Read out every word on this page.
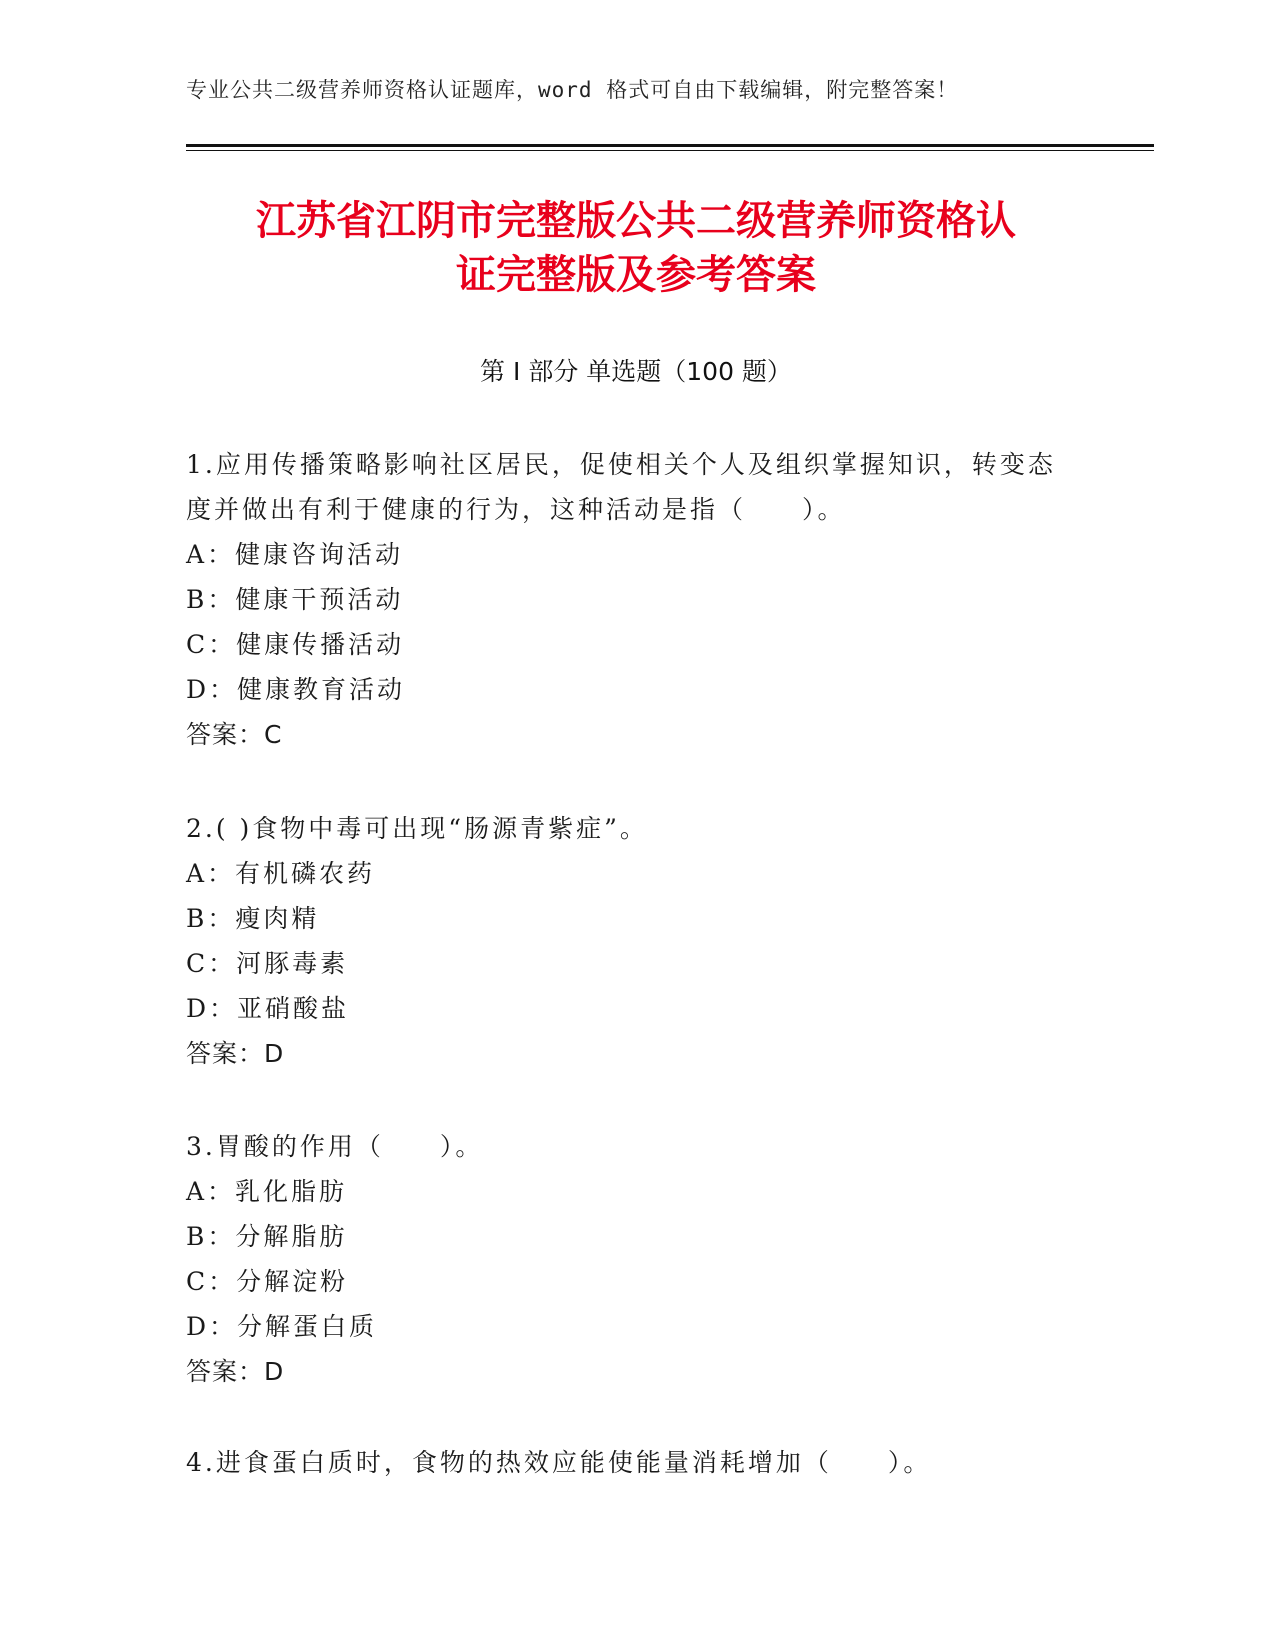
专业公共二级营养师资格认证题库，word 格式可自由下载编辑，附完整答案！
江苏省江阴市完整版公共二级营养师资格认
证完整版及参考答案
第 I 部分 单选题（100 题）
1.应用传播策略影响社区居民，促使相关个人及组织掌握知识，转变态度并做出有利于健康的行为，这种活动是指（　　）。
A：健康咨询活动
B：健康干预活动
C：健康传播活动
D：健康教育活动
答案：C
2.( )食物中毒可出现“肠源青紫症”。
A：有机磷农药
B：瘦肉精
C：河豚毒素
D：亚硝酸盐
答案：D
3.胃酸的作用（　　）。
A：乳化脂肪
B：分解脂肪
C：分解淀粉
D：分解蛋白质
答案：D
4.进食蛋白质时，食物的热效应能使能量消耗增加（　　）。
